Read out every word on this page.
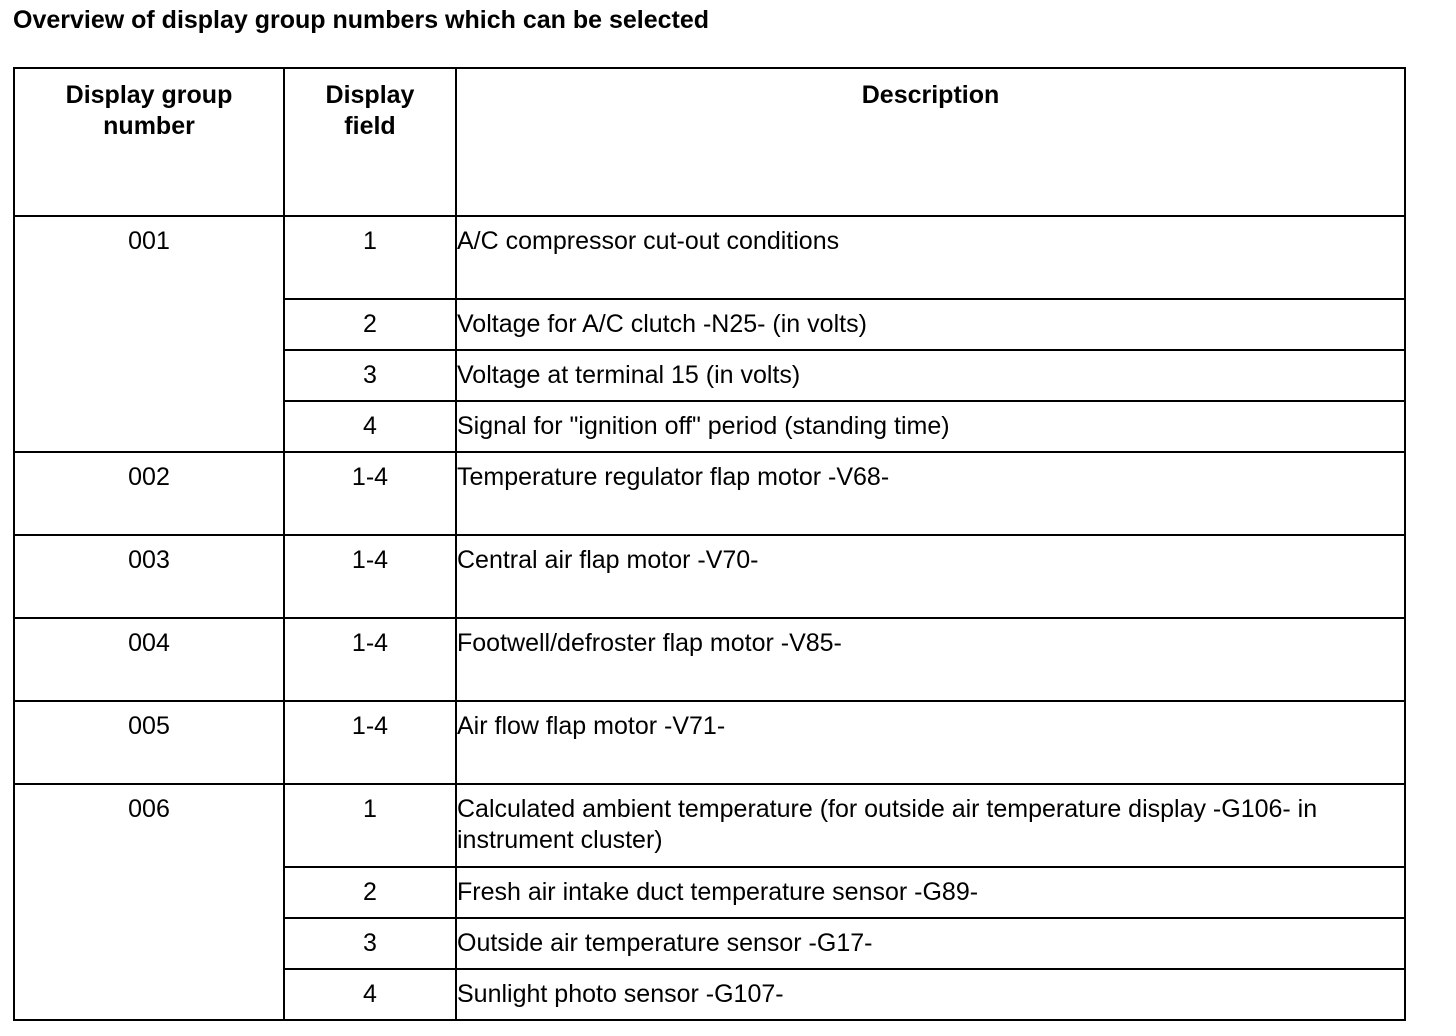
Overview of display group numbers which can be selected
Display group number	Display field	Description
001	1	A/C compressor cut-out conditions
	2	Voltage for A/C clutch -N25- (in volts)
	3	Voltage at terminal 15 (in volts)
	4	Signal for "ignition off" period (standing time)
002	1-4	Temperature regulator flap motor -V68-
003	1-4	Central air flap motor -V70-
004	1-4	Footwell/defroster flap motor -V85-
005	1-4	Air flow flap motor -V71-
006	1	Calculated ambient temperature (for outside air temperature display -G106- in instrument cluster)
	2	Fresh air intake duct temperature sensor -G89-
	3	Outside air temperature sensor -G17-
	4	Sunlight photo sensor -G107-
